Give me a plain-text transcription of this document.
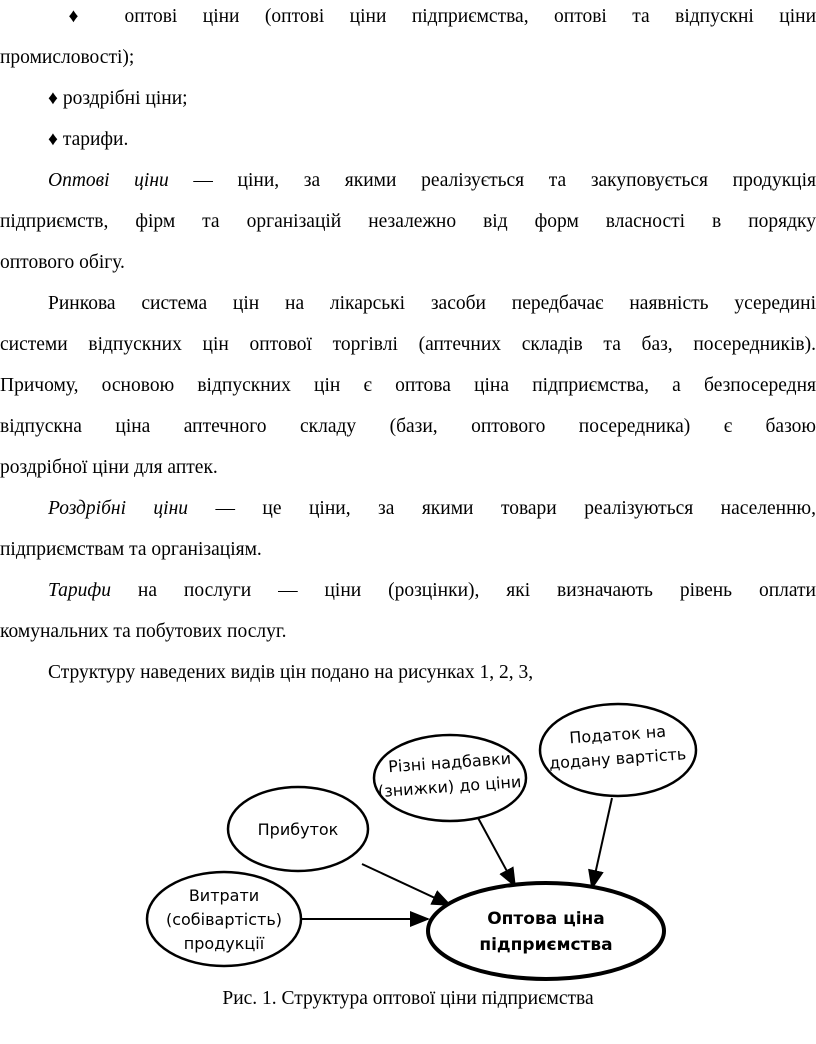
♦ оптові ціни (оптові ціни підприємства, оптові та відпускні ціни

промисловості);

♦ роздрібні ціни;

♦ тарифи.

Оптові ціни — ціни, за якими реалізується та закуповується продукція

підприємств, фірм та організацій незалежно від форм власності в порядку

оптового обігу.

Ринкова система цін на лікарські засоби передбачає наявність усередині

системи відпускних цін оптової торгівлі (аптечних складів та баз, посередників).

Причому, основою відпускних цін є оптова ціна підприємства, а безпосередня

відпускна ціна аптечного складу (бази, оптового посередника) є базою

роздрібної ціни для аптек.

Роздрібні ціни — це ціни, за якими товари реалізуються населенню,

підприємствам та організаціям.

Тарифи на послуги — ціни (розцінки), які визначають рівень оплати

комунальних та побутових послуг.

Структуру наведених видів цін подано на рисунках 1, 2, 3,

Витрати
(собівартість)
продукції
Прибуток
Різні надбавки
(знижки) до ціни
Податок на
додану вартість
Оптова ціна
підприємства
Рис. 1. Структура оптової ціни підприємства
